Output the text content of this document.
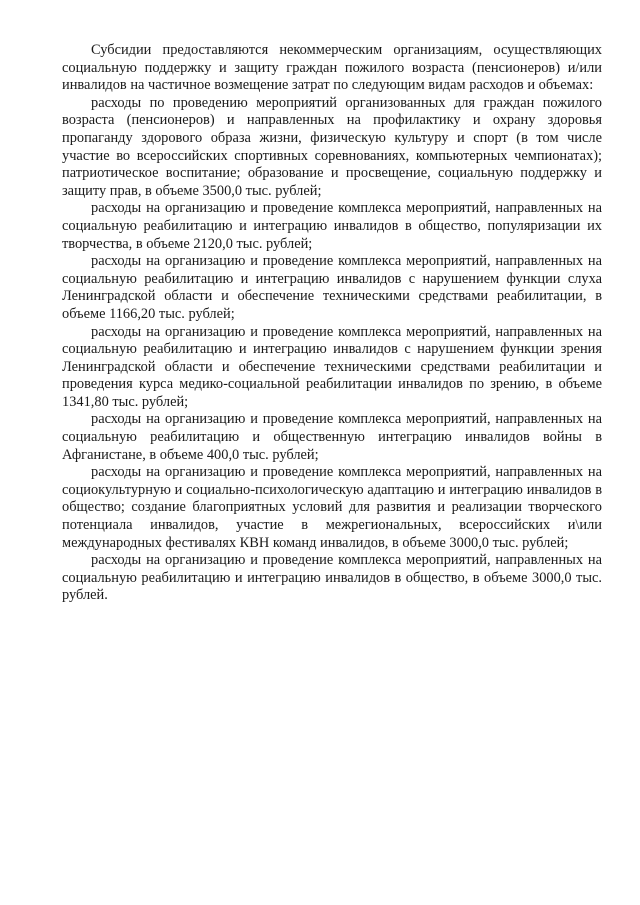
Субсидии предоставляются некоммерческим организациям, осуществляющих социальную поддержку и защиту граждан пожилого возраста (пенсионеров) и/или инвалидов на частичное возмещение затрат по следующим видам расходов и объемах:

расходы по проведению мероприятий организованных для граждан пожилого возраста (пенсионеров) и направленных на профилактику и охрану здоровья пропаганду здорового образа жизни, физическую культуру и спорт (в том числе участие во всероссийских спортивных соревнованиях, компьютерных чемпионатах); патриотическое воспитание; образование и просвещение, социальную поддержку и защиту прав, в объеме 3500,0 тыс. рублей;

расходы на организацию и проведение комплекса мероприятий, направленных на социальную реабилитацию и интеграцию инвалидов в общество, популяризации их творчества, в объеме 2120,0 тыс. рублей;

расходы на организацию и проведение комплекса мероприятий, направленных на социальную реабилитацию и интеграцию инвалидов с нарушением функции слуха Ленинградской области и обеспечение техническими средствами реабилитации, в объеме 1166,20 тыс. рублей;

расходы на организацию и проведение комплекса мероприятий, направленных на социальную реабилитацию и интеграцию инвалидов с нарушением функции зрения Ленинградской области и обеспечение техническими средствами реабилитации и проведения курса медико-социальной реабилитации инвалидов по зрению, в объеме 1341,80 тыс. рублей;

расходы на организацию и проведение комплекса мероприятий, направленных на социальную реабилитацию и общественную интеграцию инвалидов войны в Афганистане, в объеме 400,0 тыс. рублей;

расходы на организацию и проведение комплекса мероприятий, направленных на социокультурную и социально-психологическую адаптацию и интеграцию инвалидов в общество; создание благоприятных условий для развития и реализации творческого потенциала инвалидов, участие в межрегиональных, всероссийских и\или международных фестивалях КВН команд инвалидов, в объеме 3000,0 тыс. рублей;

расходы на организацию и проведение комплекса мероприятий, направленных на социальную реабилитацию и интеграцию инвалидов в общество, в объеме 3000,0 тыс. рублей.
